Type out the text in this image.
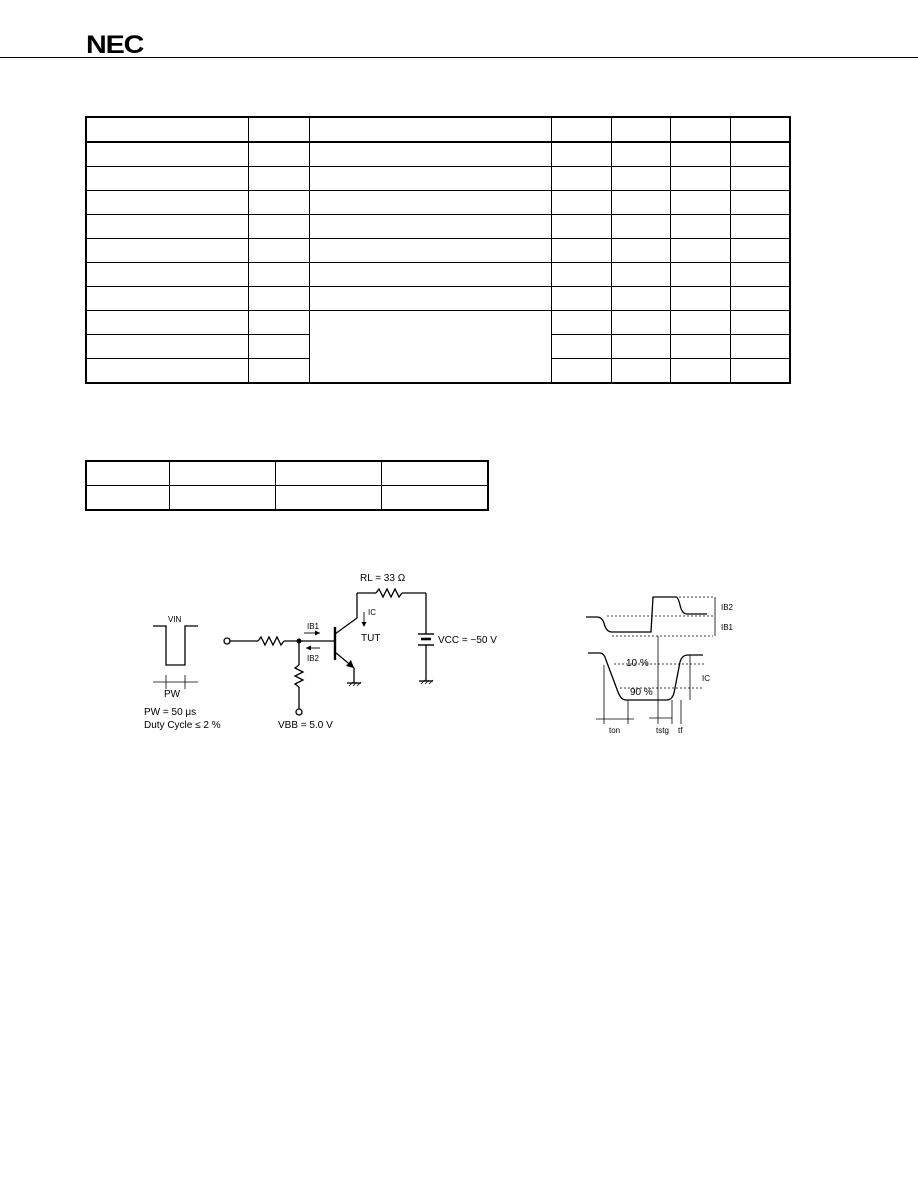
NEC

VIN
PW
RL = 33 Ω
IC
IB1
IB2
TUT	VCC = −50 V
VBB = 5.0 V
PW = 50 μs
Duty Cycle ≤ 2 %
IB2
IB1
10 %
90 %
IC
ton	tstg tf
